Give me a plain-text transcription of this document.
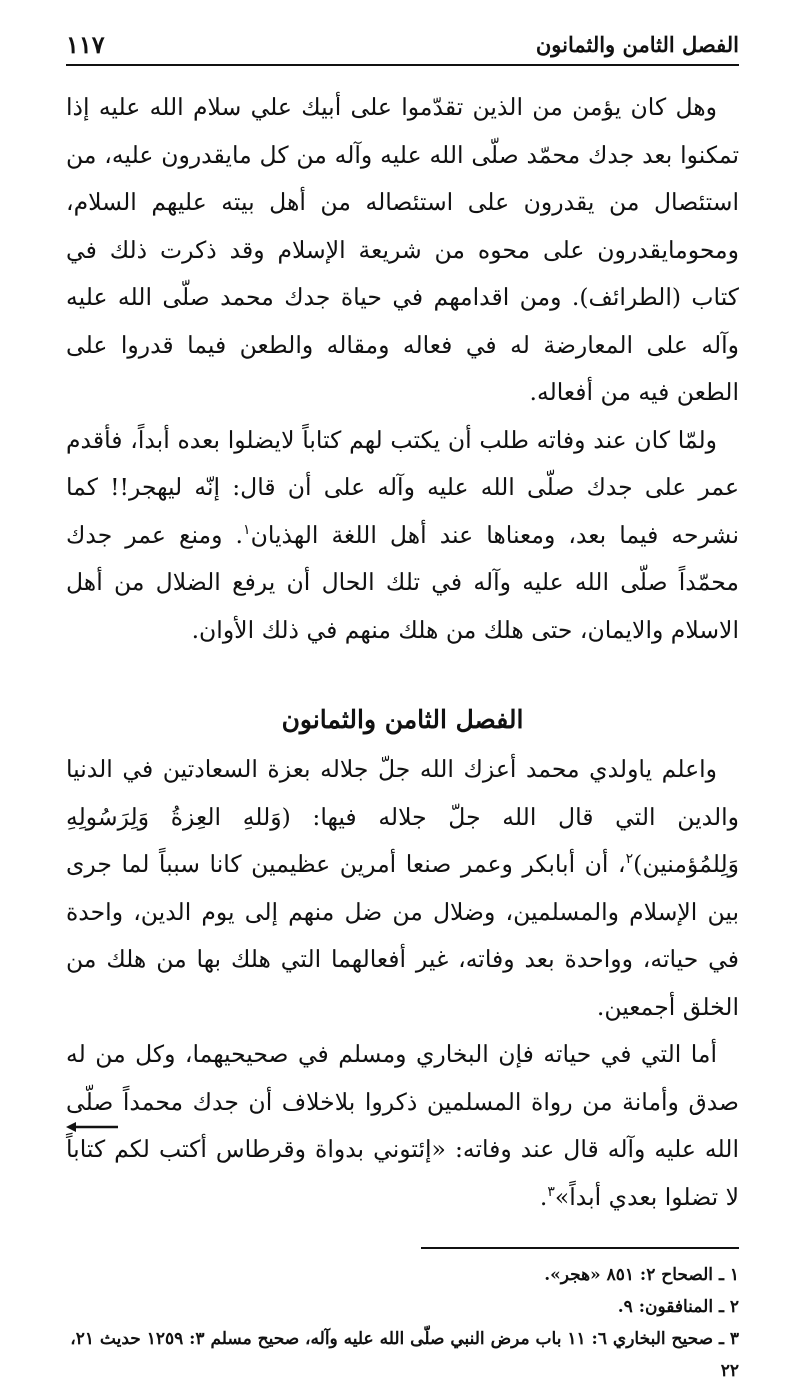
الفصل الثامن والثمانون
١١٧

وهل كان يؤمن من الذين تقدّموا على أبيك علي سلام الله عليه إذا تمكنوا بعد جدك محمّد صلّى الله عليه وآله من كل مايقدرون عليه، من استئصال من يقدرون على استئصاله من أهل بيته عليهم السلام، ومحومايقدرون على محوه من شريعة الإسلام وقد ذكرت ذلك في كتاب (الطرائف). ومن اقدامهم في حياة جدك محمد صلّى الله عليه وآله على المعارضة له في فعاله ومقاله والطعن فيما قدروا على الطعن فيه من أفعاله.

ولمّا كان عند وفاته طلب أن يكتب لهم كتاباً لايضلوا بعده أبداً، فأقدم عمر على جدك صلّى الله عليه وآله على أن قال: إنّه ليهجر!! كما نشرحه فيما بعد، ومعناها عند أهل اللغة الهذيان$^١$. ومنع عمر جدك محمّداً صلّى الله عليه وآله في تلك الحال أن يرفع الضلال من أهل الاسلام والايمان، حتى هلك من هلك منهم في ذلك الأوان.

الفصل الثامن والثمانون

واعلم ياولدي محمد أعزك الله جلّ جلاله بعزة السعادتين في الدنيا والدين التي قال الله جلّ جلاله فيها: (وَللهِ العِزةُ وَلِرَسُولِهِ وَلِلمُؤمنين)$^٢$، أن أبابكر وعمر صنعا أمرين عظيمين كانا سبباً لما جرى بين الإسلام والمسلمين، وضلال من ضل منهم إلى يوم الدين، واحدة في حياته، وواحدة بعد وفاته، غير أفعالهما التي هلك بها من هلك من الخلق أجمعين.

أما التي في حياته فإن البخاري ومسلم في صحيحيهما، وكل من له صدق وأمانة من رواة المسلمين ذكروا بلاخلاف أن جدك محمداً صلّى الله عليه وآله قال عند وفاته: «إئتوني بدواة وقرطاس أكتب لكم كتاباً لا تضلوا بعدي أبداً»$^٣$.

١ ـ الصحاح ٢: ٨٥١ «هجر».

٢ ـ المنافقون: ٩.

٣ ـ صحيح البخاري ٦: ١١ باب مرض النبي صلّى الله عليه وآله، صحيح مسلم ٣: ١٢٥٩ حديث ٢١، ٢٢
